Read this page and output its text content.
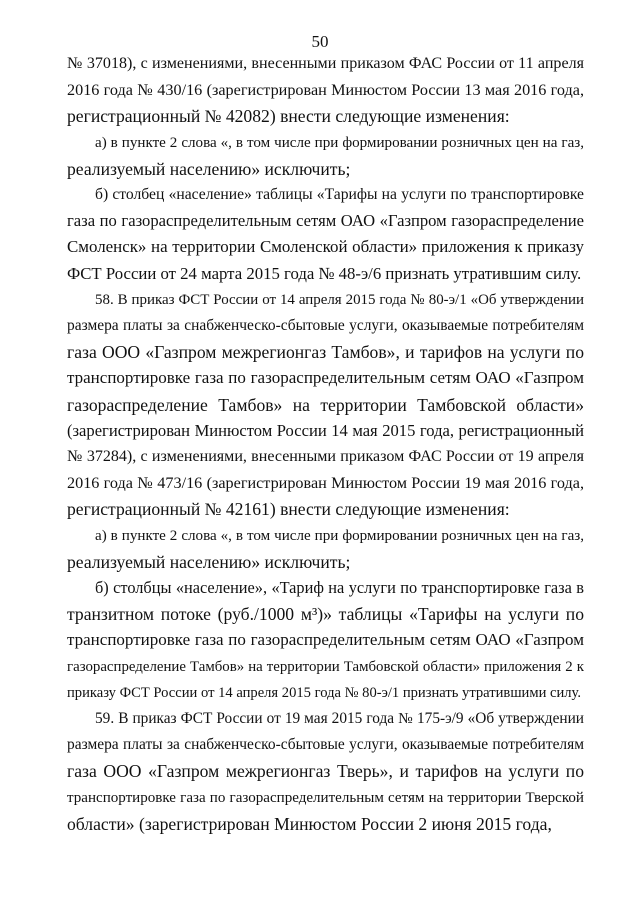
50
№ 37018), с изменениями, внесенными приказом ФАС России от 11 апреля
2016 года № 430/16 (зарегистрирован Минюстом России 13 мая 2016 года,
регистрационный № 42082) внести следующие изменения:
а) в пункте 2 слова «, в том числе при формировании розничных цен на газ,
реализуемый населению» исключить;
б) столбец «население» таблицы «Тарифы на услуги по транспортировке
газа по газораспределительным сетям ОАО «Газпром газораспределение
Смоленск» на территории Смоленской области» приложения к приказу
ФСТ России от 24 марта 2015 года № 48-э/6 признать утратившим силу.
58. В приказ ФСТ России от 14 апреля 2015 года № 80-э/1 «Об утверждении
размера платы за снабженческо-сбытовые услуги, оказываемые потребителям
газа ООО «Газпром межрегионгаз Тамбов», и тарифов на услуги по
транспортировке газа по газораспределительным сетям ОАО «Газпром
газораспределение Тамбов» на территории Тамбовской области»
(зарегистрирован Минюстом России 14 мая 2015 года, регистрационный
№ 37284), с изменениями, внесенными приказом ФАС России от 19 апреля
2016 года № 473/16 (зарегистрирован Минюстом России 19 мая 2016 года,
регистрационный № 42161) внести следующие изменения:
а) в пункте 2 слова «, в том числе при формировании розничных цен на газ,
реализуемый населению» исключить;
б) столбцы «население», «Тариф на услуги по транспортировке газа в
транзитном потоке (руб./1000 м³)» таблицы «Тарифы на услуги по
транспортировке газа по газораспределительным сетям ОАО «Газпром
газораспределение Тамбов» на территории Тамбовской области» приложения 2 к
приказу ФСТ России от 14 апреля 2015 года № 80-э/1 признать утратившими силу.
59. В приказ ФСТ России от 19 мая 2015 года № 175-э/9 «Об утверждении
размера платы за снабженческо-сбытовые услуги, оказываемые потребителям
газа ООО «Газпром межрегионгаз Тверь», и тарифов на услуги по
транспортировке газа по газораспределительным сетям на территории Тверской
области» (зарегистрирован Минюстом России 2 июня 2015 года,
